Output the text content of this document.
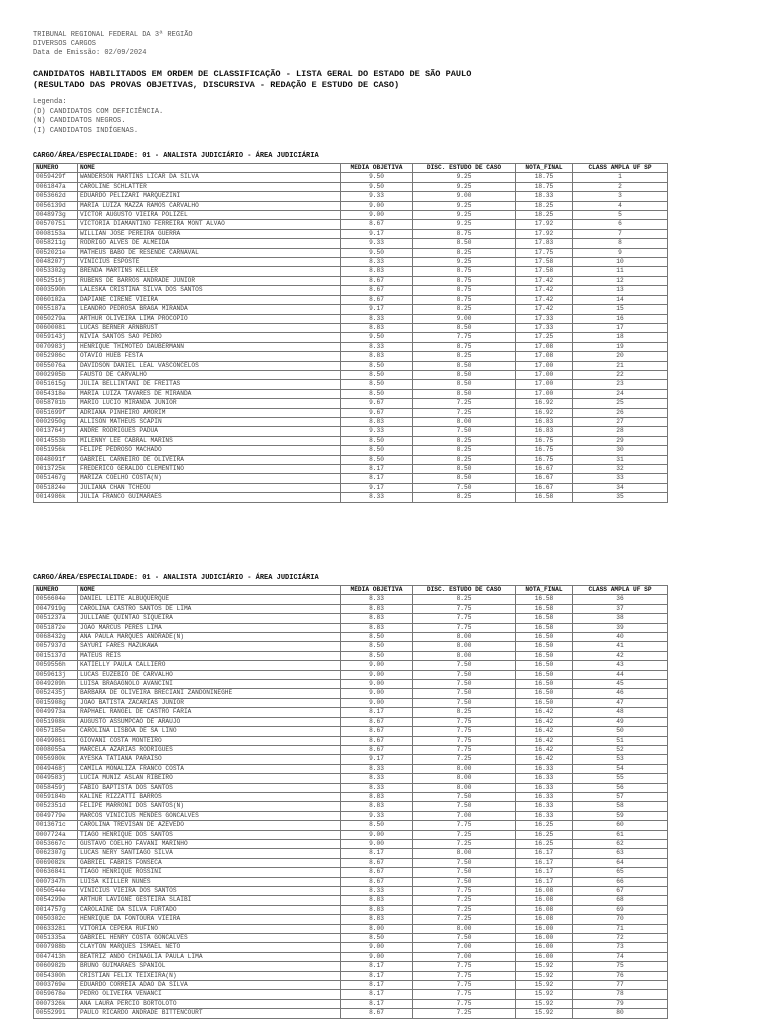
TRIBUNAL REGIONAL FEDERAL DA 3ª REGIÃO
DIVERSOS CARGOS
Data de Emissão: 02/09/2024
CANDIDATOS HABILITADOS EM ORDEM DE CLASSIFICAÇÃO - LISTA GERAL DO ESTADO DE SÃO PAULO
(RESULTADO DAS PROVAS OBJETIVAS, DISCURSIVA - REDAÇÃO E ESTUDO DE CASO)
Legenda:
(D) CANDIDATOS COM DEFICIÊNCIA.
(N) CANDIDATOS NEGROS.
(I) CANDIDATOS INDÍGENAS.
CARGO/ÁREA/ESPECIALIDADE: 01 - ANALISTA JUDICIÁRIO - ÁREA JUDICIÁRIA
NUMERO	NOME	MEDIA OBJETIVA	DISC. ESTUDO DE CASO	NOTA_FINAL	CLASS AMPLA UF SP
0059429f	WANDERSON MARTINS LICAR DA SILVA	9.50	9.25	18.75	1
0061847a	CAROLINE SCHLATTER	9.50	9.25	18.75	2
0053662d	EDUARDO PELIZARI MARQUEZINI	9.33	9.00	18.33	3
0056139d	MARIA LUIZA MAZZA RAMOS CARVALHO	9.00	9.25	18.25	4
0048973g	VICTOR AUGUSTO VIEIRA POLIZEL	9.00	9.25	18.25	5
0057075i	VICTORIA DIAMANTINO FERREIRA MONT ALVAO	8.67	9.25	17.92	6
0008153a	WILLIAN JOSE PEREIRA GUERRA	9.17	8.75	17.92	7
0058211g	RODRIGO ALVES DE ALMEIDA	9.33	8.50	17.83	8
0052021e	MATHEUS BABO DE RESENDE CARNAVAL	9.50	8.25	17.75	9
0048207j	VINICIUS ESPOSTE	8.33	9.25	17.58	10
0053302g	BRENDA MARTINS KELLER	8.83	8.75	17.58	11
0052516j	RUBENS DE BARROS ANDRADE JUNIOR	8.67	8.75	17.42	12
0003590h	LALESKA CRISTINA SILVA DOS SANTOS	8.67	8.75	17.42	13
0060102a	DAPIANE CIRENE VIEIRA	8.67	8.75	17.42	14
0055187a	LEANDRO PEDROSA BRAGA MIRANDA	9.17	8.25	17.42	15
0050279a	ARTHUR OLIVEIRA LIMA PROCOPIO	8.33	9.00	17.33	16
0060008i	LUCAS BERNER ARNBRUST	8.83	8.50	17.33	17
0059143j	NIVIA SANTOS SAO PEDRO	9.50	7.75	17.25	18
0070983j	HENRIQUE THIMOTEO DAUBERMANN	8.33	8.75	17.08	19
0052986c	OTAVIO HUEB FESTA	8.83	8.25	17.08	20
0055076a	DAVIDSON DANIEL LEAL VASCONCELOS	8.50	8.50	17.00	21
0002905b	FAUSTO DE CARVALHO	8.50	8.50	17.00	22
0051615g	JULIA BELLINTANI DE FREITAS	8.50	8.50	17.00	23
0054318e	MARIA LUIZA TAVARES DE MIRANDA	8.50	8.50	17.00	24
0058701b	MARIO LUCIO MIRANDA JUNIOR	9.67	7.25	16.92	25
0051699f	ADRIANA PINHEIRO AMORIM	9.67	7.25	16.92	26
0002950g	ALLISON MATHEUS SCAPIN	8.83	8.00	16.83	27
0013764j	ANDRE RODRIGUES PADUA	9.33	7.50	16.83	28
0014553b	MILENNY LEE CABRAL MARINS	8.50	8.25	16.75	29
0051956k	FELIPE PEDROSO MACHADO	8.50	8.25	16.75	30
0048091f	GABRIEL CARNEIRO DE OLIVEIRA	8.50	8.25	16.75	31
0013725k	FREDERICO GERALDO CLEMENTINO	8.17	8.50	16.67	32
0051467g	MARIZA COELHO COSTA(N)	8.17	8.50	16.67	33
0051824e	JULIANA CHAN TCHEOU	9.17	7.50	16.67	34
0014986k	JULIA FRANCO GUIMARAES	8.33	8.25	16.58	35
CARGO/ÁREA/ESPECIALIDADE: 01 - ANALISTA JUDICIÁRIO - ÁREA JUDICIÁRIA
NUMERO	NOME	MÉDIA OBJETIVA	DISC. ESTUDO DE CASO	NOTA_FINAL	CLASS AMPLA UF SP
0056604e	DANIEL LEITE ALBUQUERQUE	8.33	8.25	16.58	36
0047919g	CAROLINA CASTRO SANTOS DE LIMA	8.83	7.75	16.58	37
0051237a	JULLIANE QUINTAO SIQUEIRA	8.83	7.75	16.58	38
0051872e	JOAO MARCUS PERES LIMA	8.83	7.75	16.58	39
0068432g	ANA PAULA MARQUES ANDRADE(N)	8.50	8.00	16.50	40
0057937d	SAYURI FARES MAZUKAWA	8.50	8.00	16.50	41
0015137d	MATEUS REIS	8.50	8.00	16.50	42
0059556h	KATIELLY PAULA CALLIERO	9.00	7.50	16.50	43
0059613j	LUCAS EUZEBIO DE CARVALHO	9.00	7.50	16.50	44
0049209h	LUISA BRAGAGNOLO AVANCINI	9.00	7.50	16.50	45
0052435j	BARBARA DE OLIVEIRA BRECIANI ZANDONINEGHE	9.00	7.50	16.50	46
0015908g	JOAO BATISTA ZACARIAS JUNIOR	9.00	7.50	16.50	47
0049973a	RAPHAEL RANGEL DE CASTRO FARIA	8.17	8.25	16.42	48
0051908k	AUGUSTO ASSUMPCAO DE ARAUJO	8.67	7.75	16.42	49
0057185e	CAROLINA LISBOA DE SA LINO	8.67	7.75	16.42	50
0049986i	GIOVANI COSTA MONTEIRO	8.67	7.75	16.42	51
0008055a	MARCELA AZARIAS RODRIGUES	8.67	7.75	16.42	52
0056980k	AYESKA TATIANA PARAISO	9.17	7.25	16.42	53
0049468j	CAMILA MONALIZA FRANCO COSTA	8.33	8.00	16.33	54
0049583j	LUCIA MUNIZ ASLAN RIBEIRO	8.33	8.00	16.33	55
0058459j	FABIO BAPTISTA DOS SANTOS	8.33	8.00	16.33	56
0059184b	KALINE RIZZATTI BARROS	8.83	7.50	16.33	57
0052351d	FELIPE MARRONI DOS SANTOS(N)	8.83	7.50	16.33	58
0049779e	MARCOS VINICIUS MENDES GONCALVES	9.33	7.00	16.33	59
0013671c	CAROLINA TREVISAN DE AZEVEDO	8.50	7.75	16.25	60
0007724a	TIAGO HENRIQUE DOS SANTOS	9.00	7.25	16.25	61
0053667c	GUSTAVO COELHO FAVANI MARINHO	9.00	7.25	16.25	62
0062307g	LUCAS NERY SANTIAGO SILVA	8.17	8.00	16.17	63
0069082k	GABRIEL FABRIS FONSECA	8.67	7.50	16.17	64
0063684i	TIAGO HENRIQUE ROSSINI	8.67	7.50	16.17	65
0007347h	LUISA KIILLER NUNES	8.67	7.50	16.17	66
0050544e	VINICIUS VIEIRA DOS SANTOS	8.33	7.75	16.08	67
0054299e	ARTHUR LAVIGNE GESTEIRA SLAIBI	8.83	7.25	16.08	68
0014757g	CAROLAINE DA SILVA FURTADO	8.83	7.25	16.08	69
0050302c	HENRIQUE DA FONTOURA VIEIRA	8.83	7.25	16.08	70
0063328i	VITORIA CEPERA RUFINO	8.00	8.00	16.00	71
0051335a	GABRIEL HENRY COSTA GONCALVES	8.50	7.50	16.00	72
0007988b	CLAYTON MARQUES ISMAEL NETO	9.00	7.00	16.00	73
0047413h	BEATRIZ ANDO CHINAGLIA PAULA LIMA	9.00	7.00	16.00	74
0060982b	BRUNO GUIMARAES SPANIOL	8.17	7.75	15.92	75
0054300h	CRISTIAN FELIX TEIXEIRA(N)	8.17	7.75	15.92	76
0003769e	EDUARDO CORREIA ADAO DA SILVA	8.17	7.75	15.92	77
0059678e	PEDRO OLIVEIRA VENANCI	8.17	7.75	15.92	78
0007326k	ANA LAURA PERCIO BORTOLOTO	8.17	7.75	15.92	79
0055299i	PAULO RICARDO ANDRADE BITTENCOURT	8.67	7.25	15.92	80
